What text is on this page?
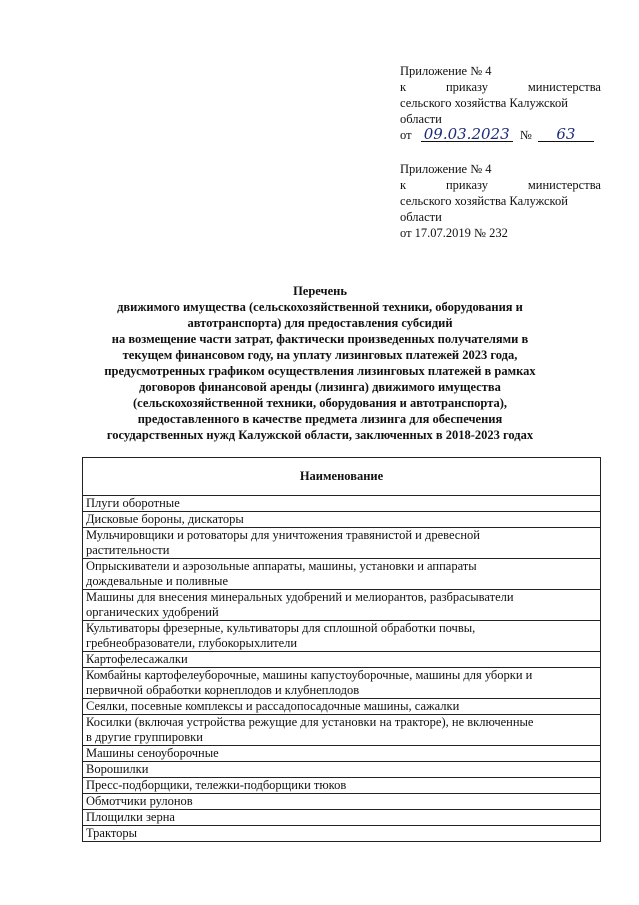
Приложение № 4
к	приказу	министерства
сельского хозяйства Калужской
области
от 09.03.2023 № 63
Приложение № 4
к	приказу	министерства
сельского хозяйства Калужской
области
от 17.07.2019 № 232
Перечень
движимого имущества (сельскохозяйственной техники, оборудования и
автотранспорта) для предоставления субсидий
на возмещение части затрат, фактически произведенных получателями в
текущем финансовом году, на уплату лизинговых платежей 2023 года,
предусмотренных графиком осуществления лизинговых платежей в рамках
договоров финансовой аренды (лизинга) движимого имущества
(сельскохозяйственной техники, оборудования и автотранспорта),
предоставленного в качестве предмета лизинга для обеспечения
государственных нужд Калужской области, заключенных в 2018-2023 годах
Наименование

Плуги оборотные

Дисковые бороны, дискаторы

Мульчировщики и ротоваторы для уничтожения травянистой и древесной
растительности

Опрыскиватели и аэрозольные аппараты, машины, установки и аппараты
дождевальные и поливные

Машины для внесения минеральных удобрений и мелиорантов, разбрасыватели
органических удобрений

Культиваторы фрезерные, культиваторы для сплошной обработки почвы,
гребнеобразователи, глубокорыхлители

Картофелесажалки

Комбайны картофелеуборочные, машины капустоуборочные, машины для уборки и
первичной обработки корнеплодов и клубнеплодов

Сеялки, посевные комплексы и рассадопосадочные машины, сажалки

Косилки (включая устройства режущие для установки на тракторе), не включенные
в другие группировки

Машины сеноуборочные

Ворошилки

Пресс-подборщики, тележки-подборщики тюков

Обмотчики рулонов

Площилки зерна

Тракторы
